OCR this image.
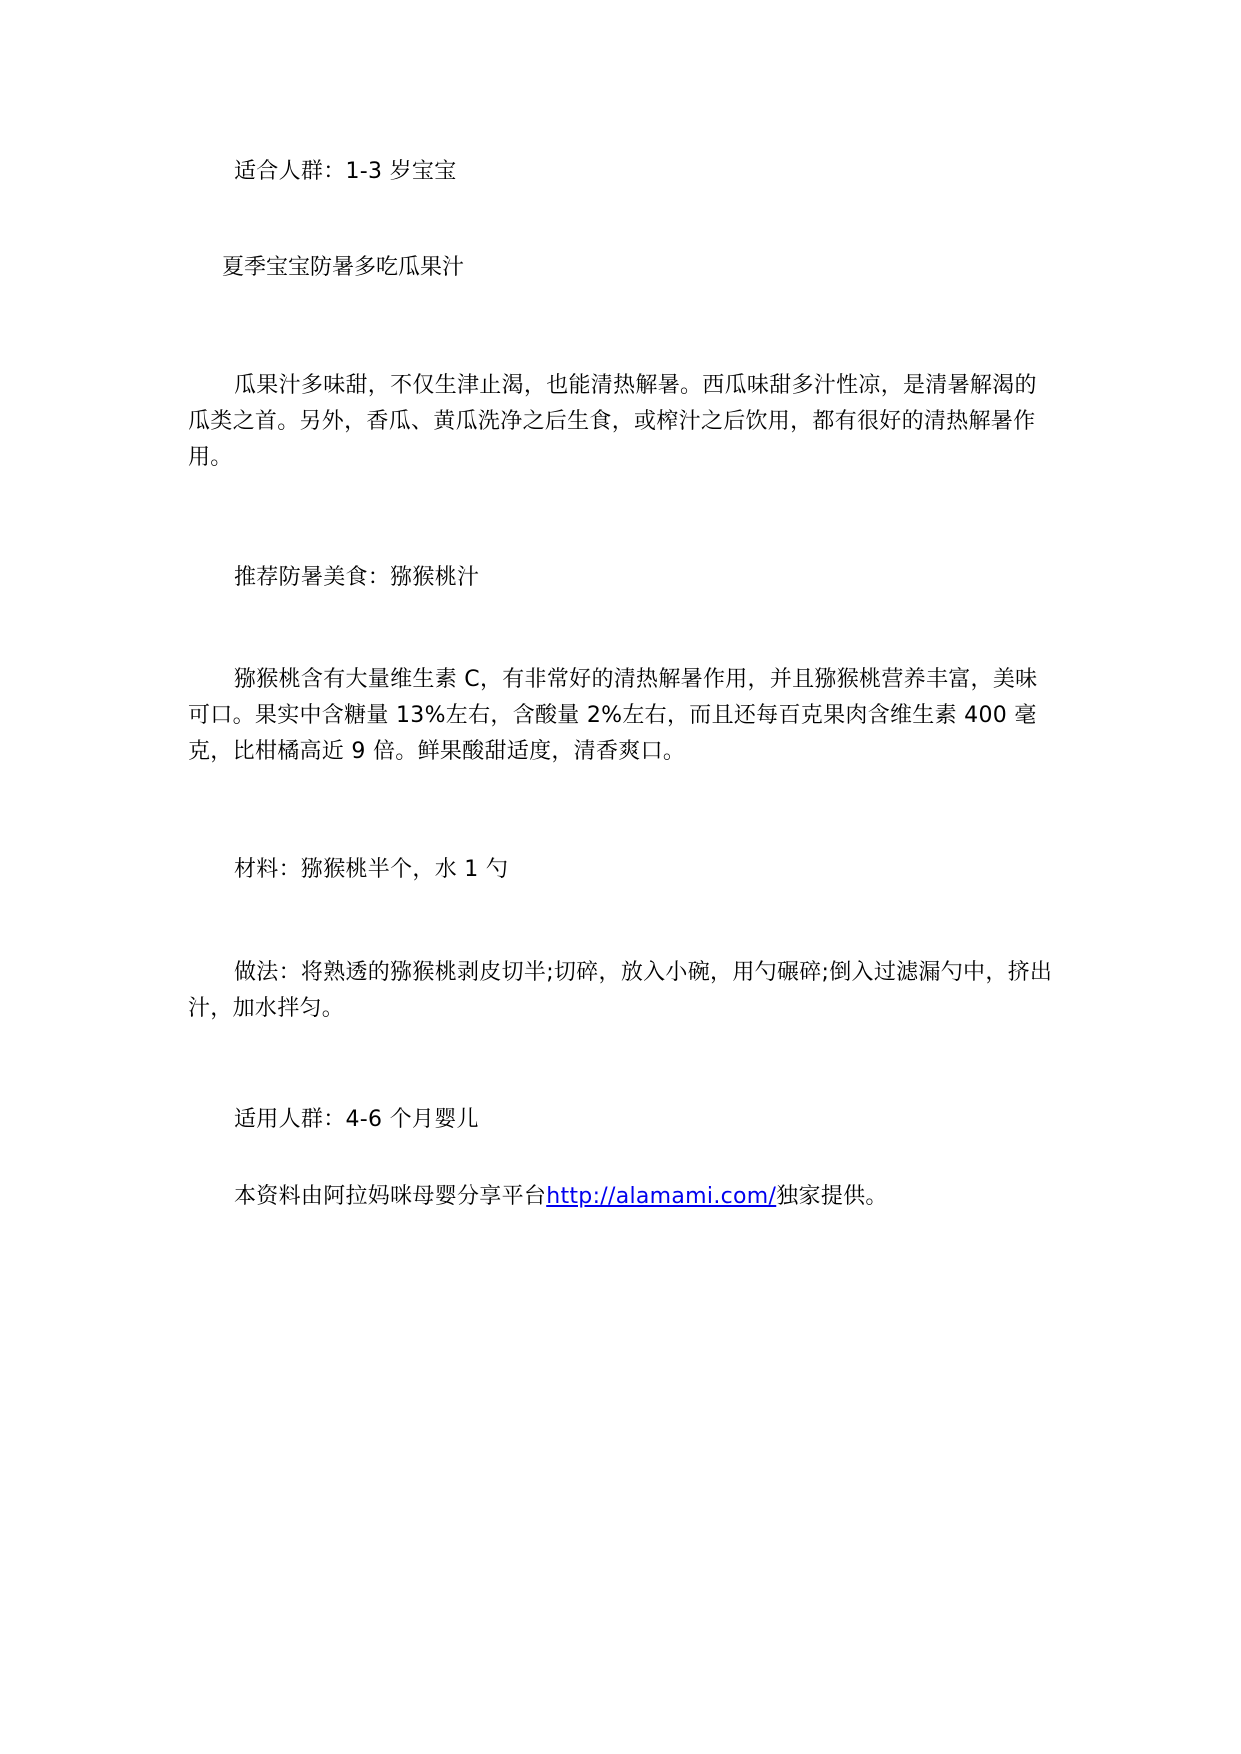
适合人群：1-3 岁宝宝
夏季宝宝防暑多吃瓜果汁
瓜果汁多味甜，不仅生津止渴，也能清热解暑。西瓜味甜多汁性凉，是清暑解渴的瓜类之首。另外，香瓜、黄瓜洗净之后生食，或榨汁之后饮用，都有很好的清热解暑作用。
推荐防暑美食：猕猴桃汁
猕猴桃含有大量维生素 C，有非常好的清热解暑作用，并且猕猴桃营养丰富，美味可口。果实中含糖量 13%左右，含酸量 2%左右，而且还每百克果肉含维生素 400 毫克，比柑橘高近 9 倍。鲜果酸甜适度，清香爽口。
材料：猕猴桃半个，水 1 勺
做法：将熟透的猕猴桃剥皮切半;切碎，放入小碗，用勺碾碎;倒入过滤漏勺中，挤出汁，加水拌匀。
适用人群：4-6 个月婴儿
本资料由阿拉妈咪母婴分享平台http://alamami.com/独家提供。
